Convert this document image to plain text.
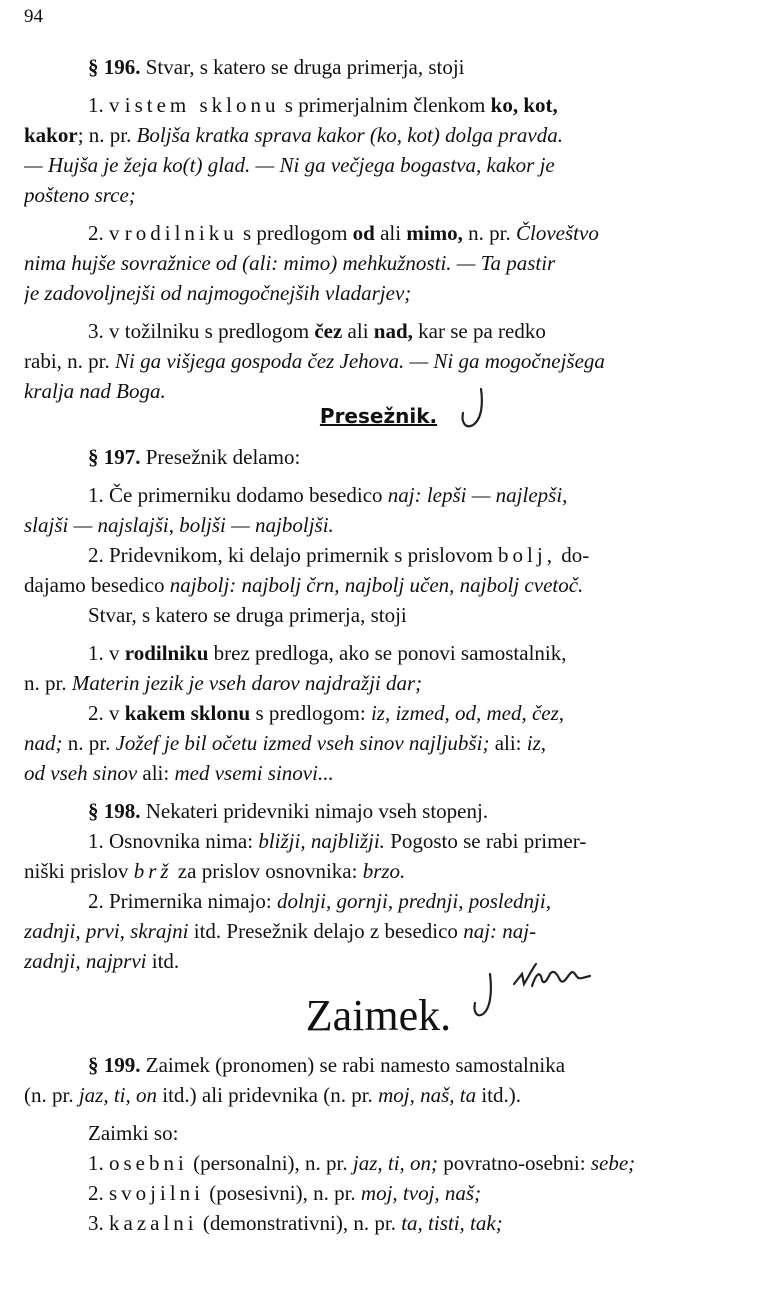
94
§ 196. Stvar, s katero se druga primerja, stoji
1. v istem sklonu s primerjalnim členkom ko, kot,
kakor; n. pr. Boljša kratka sprava kakor (ko, kot) dolga pravda.
— Hujša je žeja ko(t) glad. — Ni ga večjega bogastva, kakor je
pošteno srce;
2. v rodilniku s predlogom od ali mimo, n. pr. Človeštvo
nima hujše sovražnice od (ali: mimo) mehkužnosti. — Ta pastir
je zadovoljnejši od najmogočnejših vladarjev;
3. v tožilniku s predlogom čez ali nad, kar se pa redko
rabi, n. pr. Ni ga višjega gospoda čez Jehova. — Ni ga mogočnejšega
kralja nad Boga.
Presežnik.
§ 197. Presežnik delamo:
1. Če primerniku dodamo besedico naj: lepši — najlepši,
slajši — najslajši, boljši — najboljši.
2. Pridevnikom, ki delajo primernik s prislovom bolj, do-
dajamo besedico najbolj: najbolj črn, najbolj učen, najbolj cvetoč.
Stvar, s katero se druga primerja, stoji
1. v rodilniku brez predloga, ako se ponovi samostalnik,
n. pr. Materin jezik je vseh darov najdražji dar;
2. v kakem sklonu s predlogom: iz, izmed, od, med, čez,
nad; n. pr. Jožef je bil očetu izmed vseh sinov najljubši; ali: iz,
od vseh sinov ali: med vsemi sinovi...
§ 198. Nekateri pridevniki nimajo vseh stopenj.
1. Osnovnika nima: bližji, najbližji. Pogosto se rabi primer-
niški prislov brž za prislov osnovnika: brzo.
2. Primernika nimajo: dolnji, gornji, prednji, poslednji,
zadnji, prvi, skrajni itd. Presežnik delajo z besedico naj: naj-
zadnji, najprvi itd.
Zaimek.
§ 199. Zaimek (pronomen) se rabi namesto samostalnika
(n. pr. jaz, ti, on itd.) ali pridevnika (n. pr. moj, naš, ta itd.).
Zaimki so:
1. osebni (personalni), n. pr. jaz, ti, on; povratno-osebni: sebe;
2. svojilni (posesivni), n. pr. moj, tvoj, naš;
3. kazalni (demonstrativni), n. pr. ta, tisti, tak;
